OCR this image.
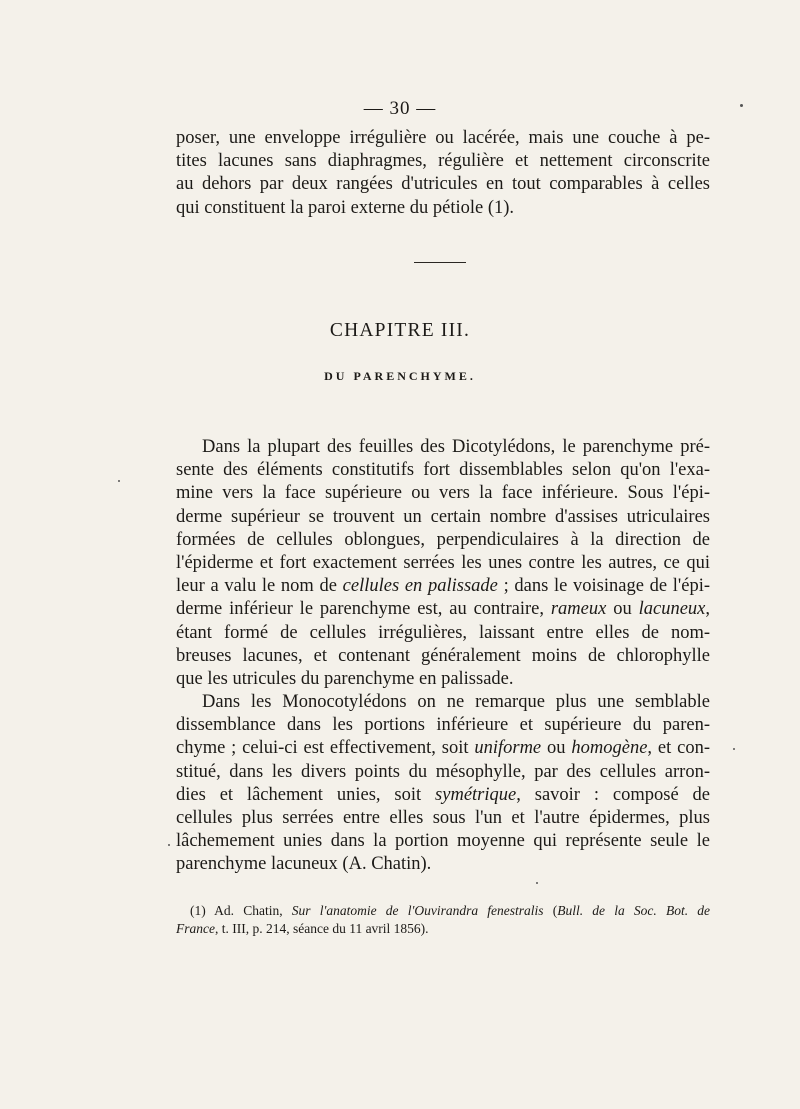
— 30 —
poser, une enveloppe irrégulière ou lacérée, mais une couche à pe-
tites lacunes sans diaphragmes, régulière et nettement circonscrite
au dehors par deux rangées d'utricules en tout comparables à celles
qui constituent la paroi externe du pétiole (1).
CHAPITRE III.
DU PARENCHYME.
Dans la plupart des feuilles des Dicotylédons, le parenchyme pré-
sente des éléments constitutifs fort dissemblables selon qu'on l'exa-
mine vers la face supérieure ou vers la face inférieure. Sous l'épi-
derme supérieur se trouvent un certain nombre d'assises utriculaires
formées de cellules oblongues, perpendiculaires à la direction de
l'épiderme et fort exactement serrées les unes contre les autres, ce qui
leur a valu le nom de cellules en palissade ; dans le voisinage de l'épi-
derme inférieur le parenchyme est, au contraire, rameux ou lacuneux,
étant formé de cellules irrégulières, laissant entre elles de nom-
breuses lacunes, et contenant généralement moins de chlorophylle
que les utricules du parenchyme en palissade.
Dans les Monocotylédons on ne remarque plus une semblable
dissemblance dans les portions inférieure et supérieure du paren-
chyme ; celui-ci est effectivement, soit uniforme ou homogène, et con-
stitué, dans les divers points du mésophylle, par des cellules arron-
dies et lâchement unies, soit symétrique, savoir : composé de
cellules plus serrées entre elles sous l'un et l'autre épidermes, plus
lâchemement unies dans la portion moyenne qui représente seule le
parenchyme lacuneux (A. Chatin).
(1) Ad. Chatin, Sur l'anatomie de l'Ouvirandra fenestralis (Bull. de la Soc. Bot. de
France, t. III, p. 214, séance du 11 avril 1856).
